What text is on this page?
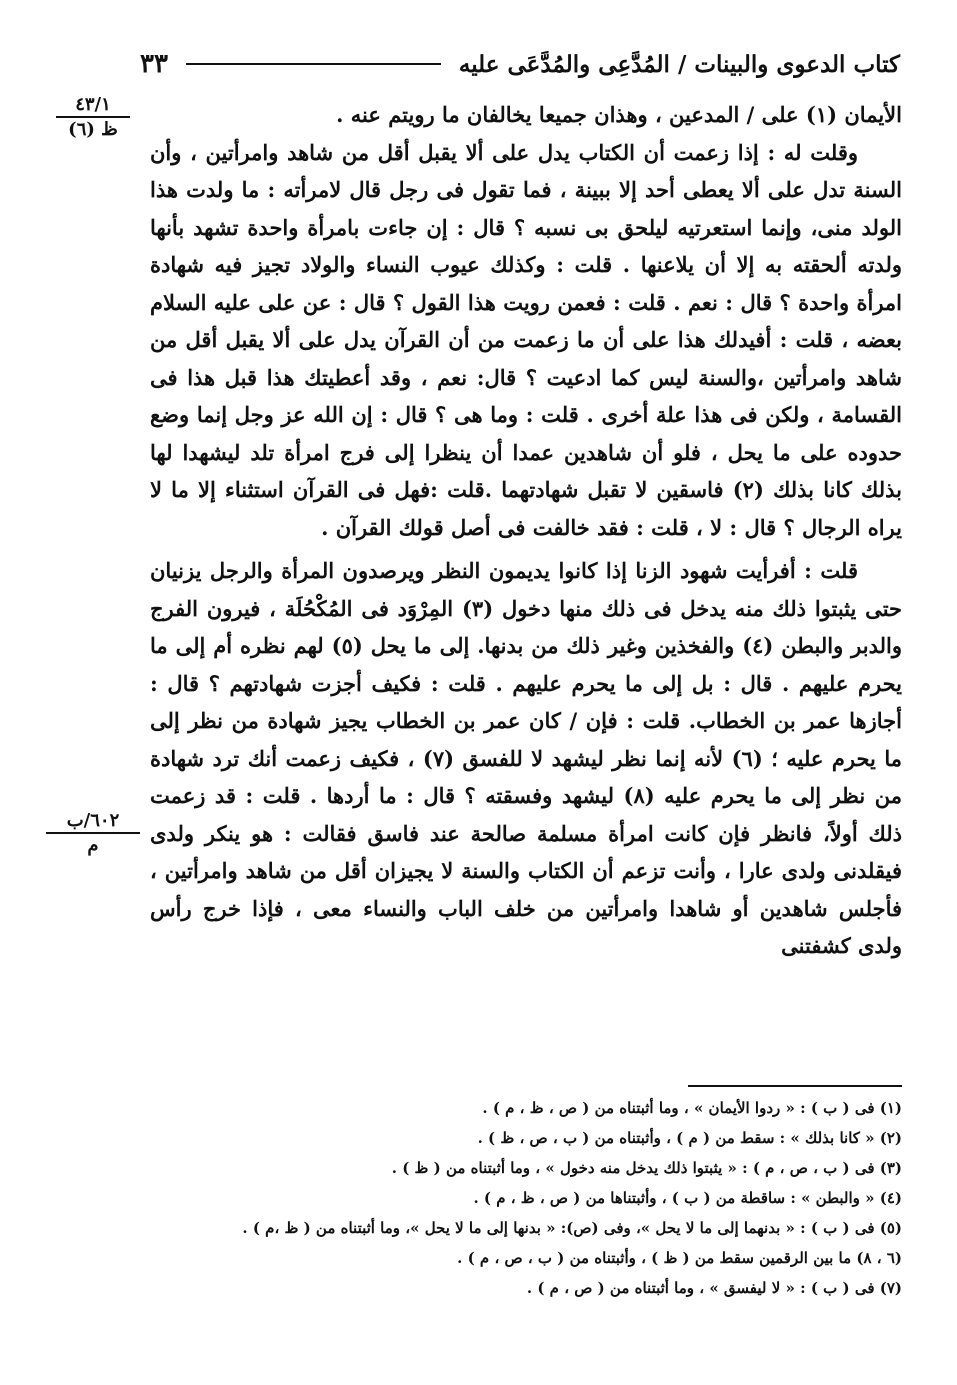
كتاب الدعوى والبينات / المُدَّعِى والمُدَّعَى عليه
٣٣
٤٣/١
ظ (٦)
٦٠٢/ب
م

الأيمان (١) على / المدعين ، وهذان جميعا يخالفان ما رويتم عنه .

وقلت له : إذا زعمت أن الكتاب يدل على ألا يقبل أقل من شاهد وامرأتين ، وأن السنة تدل على ألا يعطى أحد إلا ببينة ، فما تقول فى رجل قال لامرأته : ما ولدت هذا الولد منى، وإنما استعرتيه ليلحق بى نسبه ؟ قال : إن جاءت بامرأة واحدة تشهد بأنها ولدته ألحقته به إلا أن يلاعنها . قلت : وكذلك عيوب النساء والولاد تجيز فيه شهادة امرأة واحدة ؟ قال : نعم . قلت : فعمن رويت هذا القول ؟ قال : عن على عليه السلام بعضه ، قلت : أفيدلك هذا على أن ما زعمت من أن القرآن يدل على ألا يقبل أقل من شاهد وامرأتين ،والسنة ليس كما ادعيت ؟ قال: نعم ، وقد أعطيتك هذا قبل هذا فى القسامة ، ولكن فى هذا علة أخرى . قلت : وما هى ؟ قال : إن الله عز وجل إنما وضع حدوده على ما يحل ، فلو أن شاهدين عمدا أن ينظرا إلى فرج امرأة تلد ليشهدا لها بذلك كانا بذلك (٢) فاسقين لا تقبل شهادتهما .قلت :فهل فى القرآن استثناء إلا ما لا يراه الرجال ؟ قال : لا ، قلت : فقد خالفت فى أصل قولك القرآن .

قلت : أفرأيت شهود الزنا إذا كانوا يديمون النظر ويرصدون المرأة والرجل يزنيان حتى يثبتوا ذلك منه يدخل فى ذلك منها دخول (٣) المِرْوَد فى المُكْحُلَة ، فيرون الفرج والدبر والبطن (٤) والفخذين وغير ذلك من بدنها. إلى ما يحل (٥) لهم نظره أم إلى ما يحرم عليهم . قال : بل إلى ما يحرم عليهم . قلت : فكيف أجزت شهادتهم ؟ قال : أجازها عمر بن الخطاب. قلت : فإن / كان عمر بن الخطاب يجيز شهادة من نظر إلى ما يحرم عليه ؛ (٦) لأنه إنما نظر ليشهد لا للفسق (٧) ، فكيف زعمت أنك ترد شهادة من نظر إلى ما يحرم عليه (٨) ليشهد وفسقته ؟ قال : ما أردها . قلت : قد زعمت ذلك أولاً، فانظر فإن كانت امرأة مسلمة صالحة عند فاسق فقالت : هو ينكر ولدى فيقلدنى ولدى عارا ، وأنت تزعم أن الكتاب والسنة لا يجيزان أقل من شاهد وامرأتين ، فأجلس شاهدين أو شاهدا وامرأتين من خلف الباب والنساء معى ، فإذا خرج رأس ولدى كشفتنى

(١) فى ( ب ) : « ردوا الأيمان » ، وما أثبتناه من ( ص ، ظ ، م ) .
(٢) « كانا بذلك » : سقط من ( م ) ، وأثبتناه من ( ب ، ص ، ظ ) .
(٣) فى ( ب ، ص ، م ) : « يثبتوا ذلك يدخل منه دخول » ، وما أثبتناه من ( ظ ) .
(٤) « والبطن » : ساقطة من ( ب ) ، وأثبتناها من ( ص ، ظ ، م ) .
(٥) فى ( ب ) : « بدنهما إلى ما لا يحل »، وفى (ص): « بدنها إلى ما لا يحل »، وما أثبتناه من ( ظ ،م ) .
(٦ ، ٨) ما بين الرقمين سقط من ( ظ ) ، وأثبتناه من ( ب ، ص ، م ) .
(٧) فى ( ب ) : « لا ليفسق » ، وما أثبتناه من ( ص ، م ) .
